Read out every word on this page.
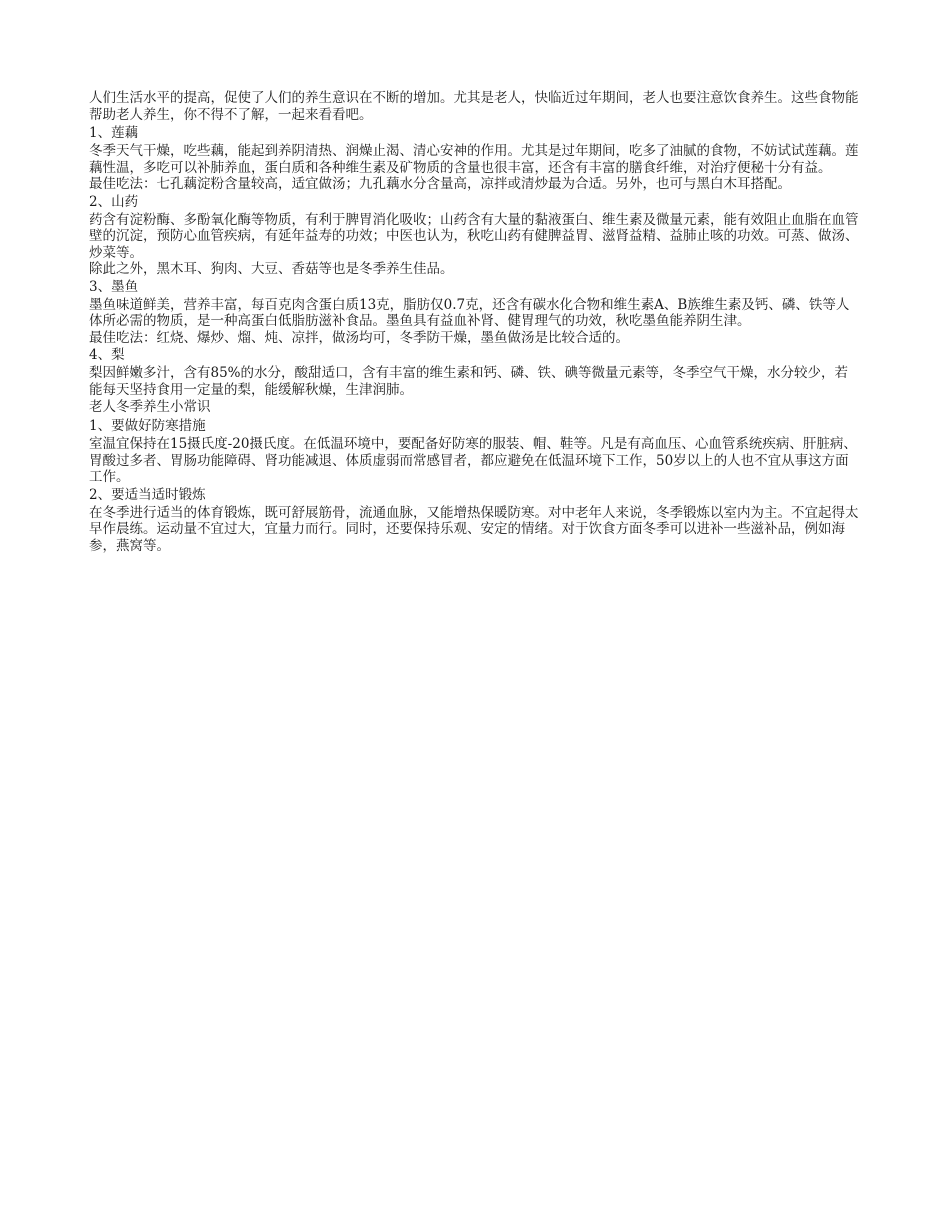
人们生活水平的提高，促使了人们的养生意识在不断的增加。尤其是老人，快临近过年期间，老人也要注意饮食养生。这些食物能帮助老人养生，你不得不了解，一起来看看吧。

1、莲藕

冬季天气干燥，吃些藕，能起到养阴清热、润燥止渴、清心安神的作用。尤其是过年期间，吃多了油腻的食物，不妨试试莲藕。莲藕性温，多吃可以补肺养血，蛋白质和各种维生素及矿物质的含量也很丰富，还含有丰富的膳食纤维，对治疗便秘十分有益。

最佳吃法：七孔藕淀粉含量较高，适宜做汤；九孔藕水分含量高，凉拌或清炒最为合适。另外，也可与黑白木耳搭配。

2、山药

药含有淀粉酶、多酚氧化酶等物质，有利于脾胃消化吸收；山药含有大量的黏液蛋白、维生素及微量元素，能有效阻止血脂在血管壁的沉淀，预防心血管疾病，有延年益寿的功效；中医也认为，秋吃山药有健脾益胃、滋肾益精、益肺止咳的功效。可蒸、做汤、炒菜等。

除此之外，黑木耳、狗肉、大豆、香菇等也是冬季养生佳品。

3、墨鱼

墨鱼味道鲜美，营养丰富，每百克肉含蛋白质13克，脂肪仅0.7克，还含有碳水化合物和维生素A、B族维生素及钙、磷、铁等人体所必需的物质，是一种高蛋白低脂肪滋补食品。墨鱼具有益血补肾、健胃理气的功效，秋吃墨鱼能养阴生津。

最佳吃法：红烧、爆炒、熘、炖、凉拌，做汤均可，冬季防干燥，墨鱼做汤是比较合适的。

4、梨

梨因鲜嫩多汁，含有85%的水分，酸甜适口，含有丰富的维生素和钙、磷、铁、碘等微量元素等，冬季空气干燥，水分较少，若能每天坚持食用一定量的梨，能缓解秋燥，生津润肺。

老人冬季养生小常识

1、要做好防寒措施

室温宜保持在15摄氏度-20摄氏度。在低温环境中，要配备好防寒的服装、帽、鞋等。凡是有高血压、心血管系统疾病、肝脏病、胃酸过多者、胃肠功能障碍、肾功能减退、体质虚弱而常感冒者，都应避免在低温环境下工作，50岁以上的人也不宜从事这方面工作。

2、要适当适时锻炼

在冬季进行适当的体育锻炼，既可舒展筋骨，流通血脉，又能增热保暖防寒。对中老年人来说，冬季锻炼以室内为主。不宜起得太早作晨练。运动量不宜过大，宜量力而行。同时，还要保持乐观、安定的情绪。对于饮食方面冬季可以进补一些滋补品，例如海参，燕窝等。
